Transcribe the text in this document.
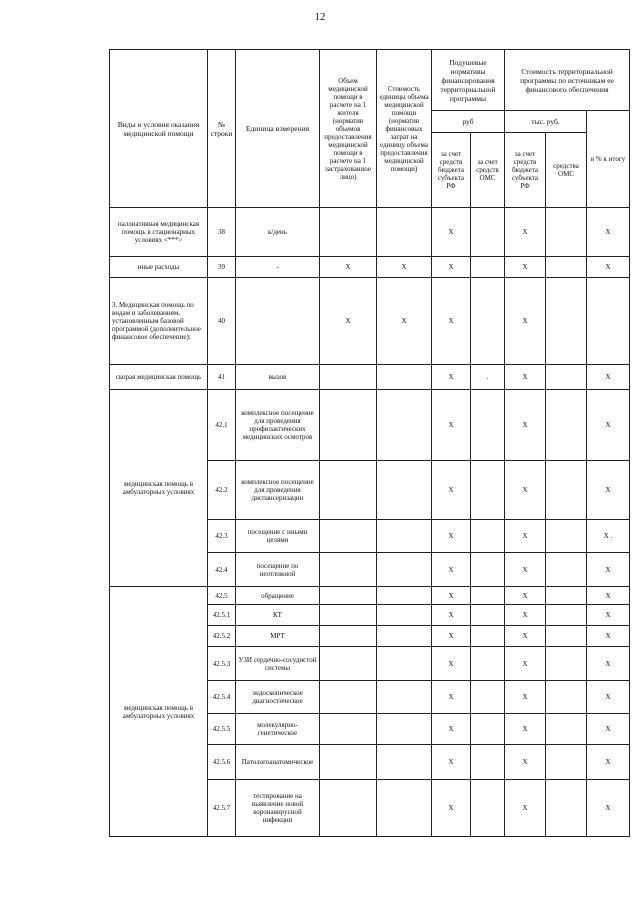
12
Виды и условия оказания медицинской помощи	№ строки	Единица измерения	Объем медицинской помощи в расчете на 1 жителя (норматив объемов предоставления медицинской помощи в расчете на 1 застрахованное лицо)	Стоимость единицы объема медицинской помощи (норматив финансовых затрат на единицу объема предоставления медицинской помощи)	Подушевые нормативы финансирования территориальной программы		Стоимость территориальной программы по источникам ее финансового обеспечения		
					руб		тыс. руб.		в % к итогу
					за счет средств бюджета субъекта РФ	за счет средств ОМС	за счет средств бюджета субъекта РФ	средства ОМС	

паллиативная медицинская помощь в стационарных условиях <***>	38	к/день			X		X		X
иные расходы	39	-	X	X	X		X		X
3. Медицинская помощь по видам и заболеваниям, установленным базовой программой (дополнительное финансовое обеспечение):	40		X	X	X		X		
скорая медицинская помощь	41	вызов			X	.	X		X
медицинская помощь в амбулаторных условиях	42.1	комплексное посещение для проведения профилактических медицинских осмотров			X		X		X
	42.2	комплексное посещение для проведения диспансеризации			X		X		X
	42.3	посещение с иными целями			X		X		X .
	42.4	посещение по неотложной			X		X		X
медицинская помощь в амбулаторных условиях	42.5	обращение			X		X		X
	42.5.1	КТ			X		X		X
	42.5.2	МРТ			X		X		X
	42.5.3	УЗИ сердечно-сосудистой системы			X		X		X
	42.5.4	эндоскопическое диагностическое			X		X		X
	42.5.5	молекулярно-генетическое			X		X		X
	42.5.6	Патологоанатомическое			X		X		X
	42.5.7	тестирование на выявление новой коронавирусной инфекции			X		X		X
